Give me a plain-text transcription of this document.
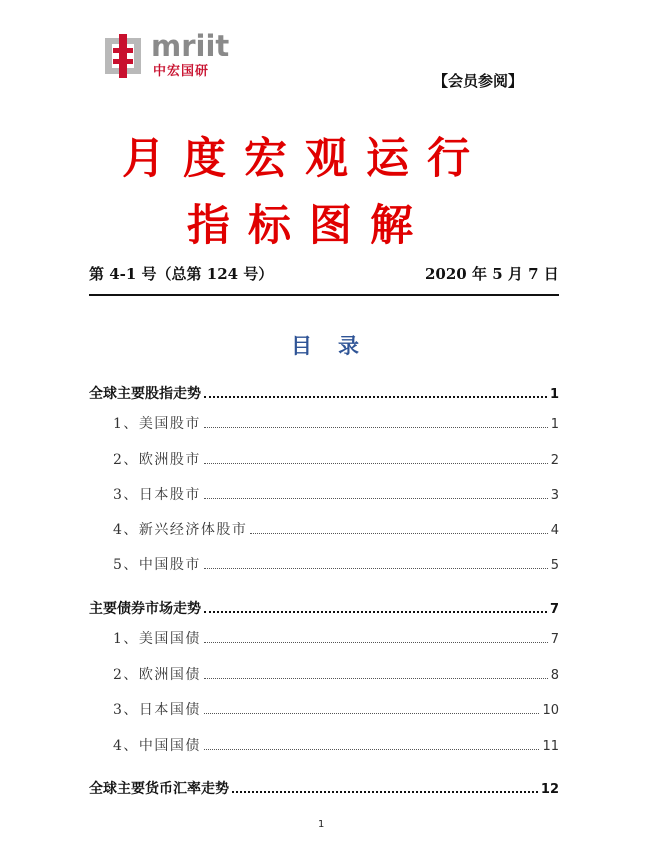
mriit
中宏国研
【会员参阅】
月度宏观运行
指标图解
第 4-1 号（总第 124 号）	2020 年 5 月 7 日
目录
全球主要股指走势	1
1、美国股市	1
2、欧洲股市	2
3、日本股市	3
4、新兴经济体股市	4
5、中国股市	5
主要债券市场走势	7
1、美国国债	7
2、欧洲国债	8
3、日本国债	10
4、中国国债	11
全球主要货币汇率走势	12
1
